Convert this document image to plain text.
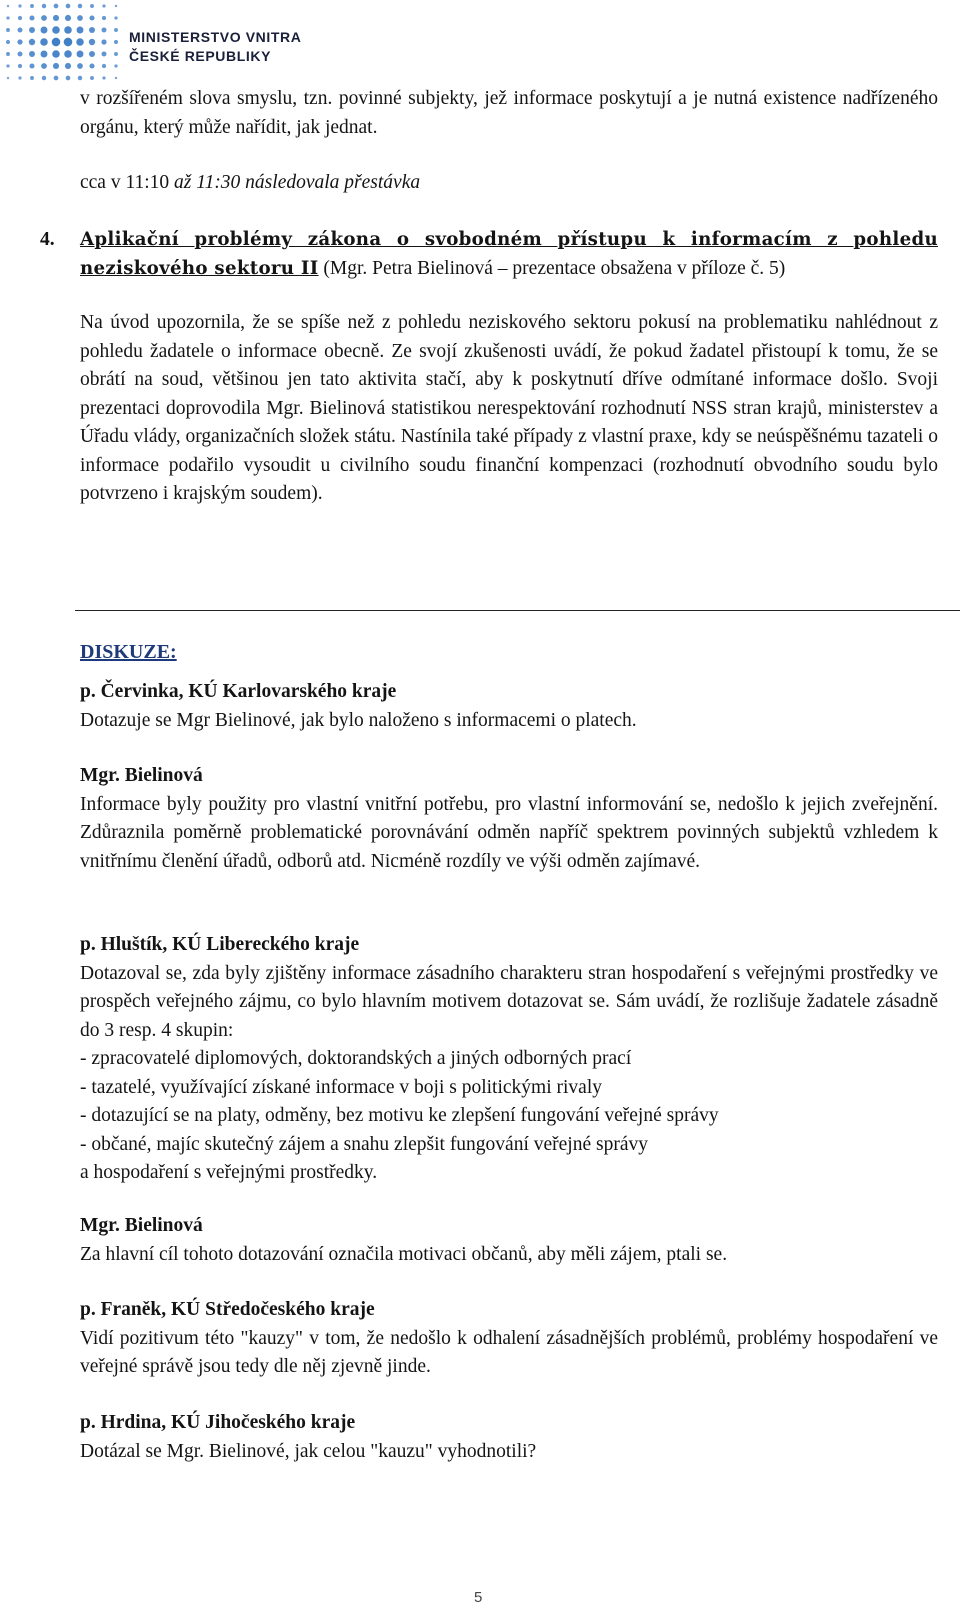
MINISTERSTVO VNITRA
ČESKÉ REPUBLIKY
v rozšířeném slova smyslu, tzn. povinné subjekty, jež informace poskytují a je nutná existence nadřízeného orgánu, který může nařídit, jak jednat.
cca v 11:10 až 11:30 následovala přestávka
4. Aplikační problémy zákona o svobodném přístupu k informacím z pohledu neziskového sektoru II (Mgr. Petra Bielinová – prezentace obsažena v příloze č. 5)
Na úvod upozornila, že se spíše než z pohledu neziskového sektoru pokusí na problematiku nahlédnout z pohledu žadatele o informace obecně. Ze svojí zkušenosti uvádí, že pokud žadatel přistoupí k tomu, že se obrátí na soud, většinou jen tato aktivita stačí, aby k poskytnutí dříve odmítané informace došlo. Svoji prezentaci doprovodila Mgr. Bielinová statistikou nerespektování rozhodnutí NSS stran krajů, ministerstev a Úřadu vlády, organizačních složek státu. Nastínila také případy z vlastní praxe, kdy se neúspěšnému tazateli o informace podařilo vysoudit u civilního soudu finanční kompenzaci (rozhodnutí obvodního soudu bylo potvrzeno i krajským soudem).
DISKUZE:
p. Červinka, KÚ Karlovarského kraje
Dotazuje se Mgr Bielinové, jak bylo naloženo s informacemi o platech.
Mgr. Bielinová
Informace byly použity pro vlastní vnitřní potřebu, pro vlastní informování se, nedošlo k jejich zveřejnění. Zdůraznila poměrně problematické porovnávání odměn napříč spektrem povinných subjektů vzhledem k vnitřnímu členění úřadů, odborů atd. Nicméně rozdíly ve výši odměn zajímavé.
p. Hluštík, KÚ Libereckého kraje
Dotazoval se, zda byly zjištěny informace zásadního charakteru stran hospodaření s veřejnými prostředky ve prospěch veřejného zájmu, co bylo hlavním motivem dotazovat se. Sám uvádí, že rozlišuje žadatele zásadně do 3 resp. 4 skupin:
- zpracovatelé diplomových, doktorandských a jiných odborných prací
- tazatelé, využívající získané informace v boji s politickými rivaly
- dotazující se na platy, odměny, bez motivu ke zlepšení fungování veřejné správy
- občané, majíc skutečný zájem a snahu zlepšit fungování veřejné správy
a hospodaření s veřejnými prostředky.
Mgr. Bielinová
Za hlavní cíl tohoto dotazování označila motivaci občanů, aby měli zájem, ptali se.
p. Franěk, KÚ Středočeského kraje
Vidí pozitivum této "kauzy" v tom, že nedošlo k odhalení zásadnějších problémů, problémy hospodaření ve veřejné správě jsou tedy dle něj zjevně jinde.
p. Hrdina, KÚ Jihočeského kraje
Dotázal se Mgr. Bielinové, jak celou "kauzu" vyhodnotili?
5
